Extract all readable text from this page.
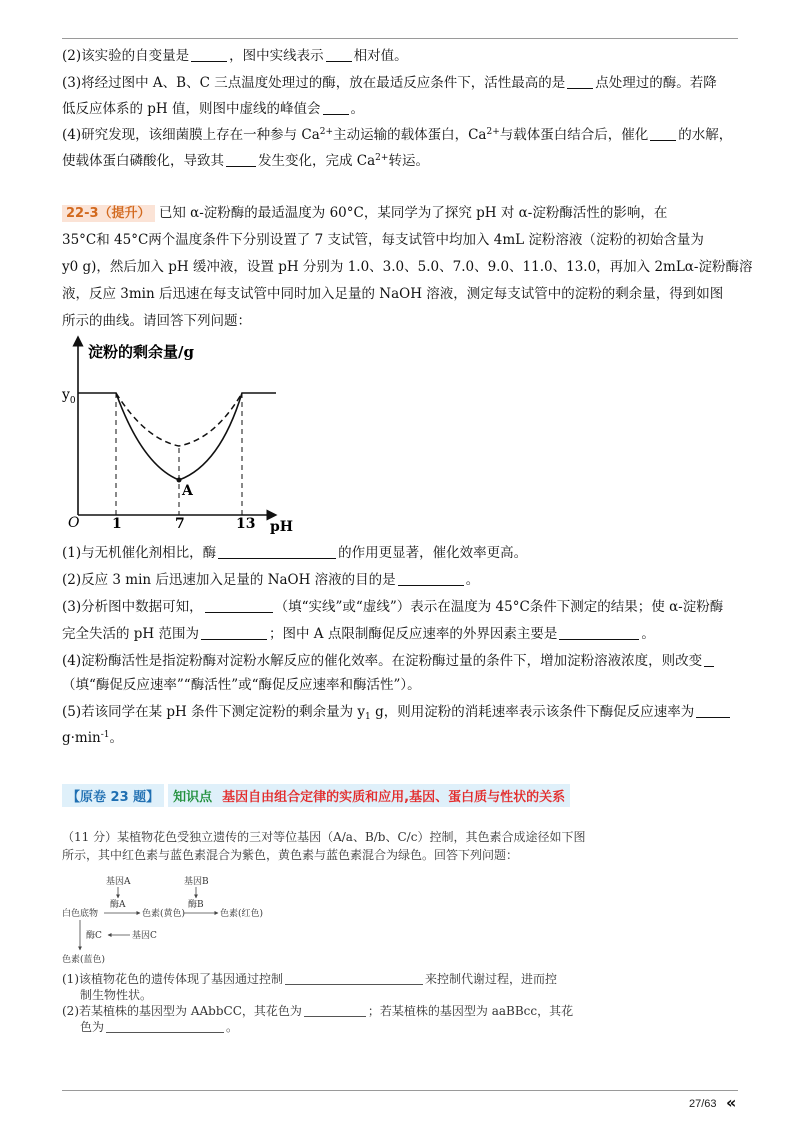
(2)该实验的自变量是	，图中实线表示 相对值。
(3)将经过图中 A、B、C 三点温度处理过的酶，放在最适反应条件下，活性最高的是 点处理过的酶。若降
低反应体系的 pH 值，则图中虚线的峰值会 。
(4)研究发现，该细菌膜上存在一种参与 $Ca^{2+}$主动运输的载体蛋白，$Ca^{2+}$与载体蛋白结合后，催化 的水解，
使载体蛋白磷酸化，导致其	发生变化，完成 $Ca^{2+}$转运。
22-3（提升） 已知 α-淀粉酶的最适温度为 60°C，某同学为了探究 pH 对 α-淀粉酶活性的影响，在
35°C和 45°C两个温度条件下分别设置了 7 支试管，每支试管中均加入 4mL 淀粉溶液（淀粉的初始含量为
y0 g)，然后加入 pH 缓冲液，设置 pH 分别为 1.0、3.0、5.0、7.0、9.0、11.0、13.0，再加入 2mLα-淀粉酶溶
液，反应 3min 后迅速在每支试管中同时加入足量的 NaOH 溶液，测定每支试管中的淀粉的剩余量，得到如图
所示的曲线。请回答下列问题：
淀粉的剩余量/g
$y_0$
O 1	7	13 pH
A
(1)与无机催化剂相比，酶	的作用更显著，催化效率更高。
(2)反应 3 min 后迅速加入足量的 NaOH 溶液的目的是	。
(3)分析图中数据可知，	（填“实线”或“虚线”）表示在温度为 45°C条件下测定的结果；使 α-淀粉酶
完全失活的 pH 范围为	；图中 A 点限制酶促反应速率的外界因素主要是	。
(4)淀粉酶活性是指淀粉酶对淀粉水解反应的催化效率。在淀粉酶过量的条件下，增加淀粉溶液浓度，则改变
（填“酶促反应速率”“酶活性”或“酶促反应速率和酶活性”）。
(5)若该同学在某 pH 条件下测定淀粉的剩余量为 $y_1$ g，则用淀粉的消耗速率表示该条件下酶促反应速率为
$g\cdot\min^{-1}$。
【原卷 23 题】	知识点 基因自由组合定律的实质和应用,基因、蛋白质与性状的关系
（11 分）某植物花色受独立遗传的三对等位基因（A/a、B/b、C/c）控制，其色素合成途径如下图
所示，其中红色素与蓝色素混合为紫色，黄色素与蓝色素混合为绿色。回答下列问题：
基因A
酶A
基因B
酶B
白色底物	色素(黄色)	色素(红色)
酶C	基因C
色素(蓝色)
(1)该植物花色的遗传体现了基因通过控制	来控制代谢过程，进而控
制生物性状。
(2)若某植株的基因型为 AAbbCC，其花色为	；若某植株的基因型为 aaBBcc，其花
色为	。
27/63 «
